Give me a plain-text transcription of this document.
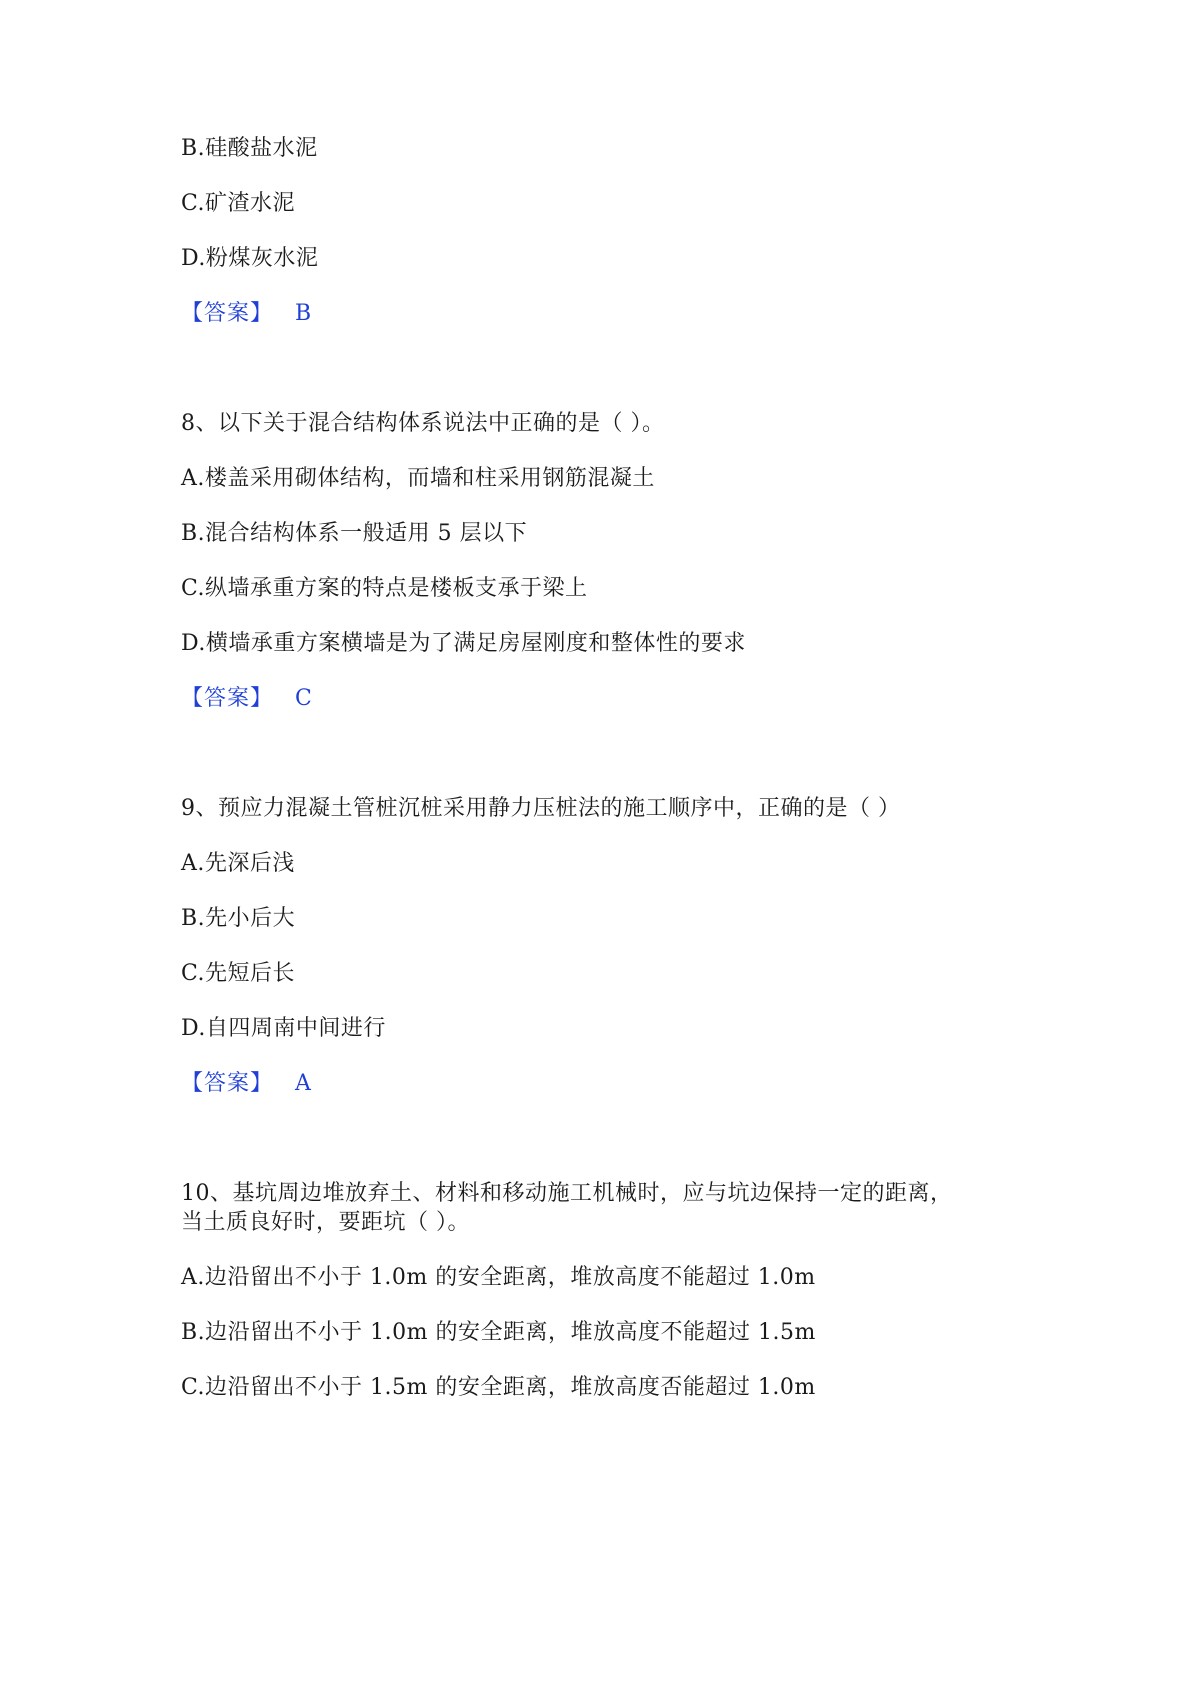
B.硅酸盐水泥
C.矿渣水泥
D.粉煤灰水泥
【答案】 B
8、以下关于混合结构体系说法中正确的是（ ）。
A.楼盖采用砌体结构，而墙和柱采用钢筋混凝土
B.混合结构体系一般适用 5 层以下
C.纵墙承重方案的特点是楼板支承于梁上
D.横墙承重方案横墙是为了满足房屋刚度和整体性的要求
【答案】 C
9、预应力混凝土管桩沉桩采用静力压桩法的施工顺序中，正确的是（ ）
A.先深后浅
B.先小后大
C.先短后长
D.自四周南中间进行
【答案】 A
10、基坑周边堆放弃土、材料和移动施工机械时，应与坑边保持一定的距离，
当土质良好时，要距坑（ ）。
A.边沿留出不小于 1.0m 的安全距离，堆放高度不能超过 1.0m
B.边沿留出不小于 1.0m 的安全距离，堆放高度不能超过 1.5m
C.边沿留出不小于 1.5m 的安全距离，堆放高度否能超过 1.0m
